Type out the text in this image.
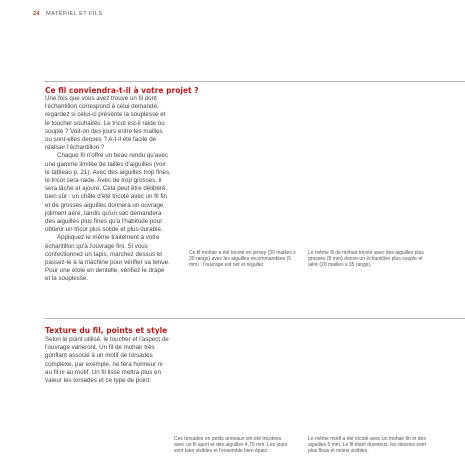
24 MATÉRIEL ET FILS
Ce fil conviendra-t-il à votre projet ?

Une fois que vous avez trouvé un fil dont l'échantillon correspond à celui demandé, regardez si celui-ci présente la souplesse et le toucher souhaités. Le tricot est-il raide ou souple ? Voit-on des jours entre les mailles ou sont-elles denses ? A-t-il été facile de réaliser l'échantillon ?

Chaque fil n'offre un beau rendu qu'avec une gamme limitée de tailles d'aiguilles (voir le tableau p. 21). Avec des aiguilles trop fines, le tricot sera raide. Avec de trop grosses, il sera lâche et ajouré. Cela peut être délibéré, bien sûr : un châle d'été tricoté avec un fil fin et de grosses aiguilles donnera un ouvrage joliment aéré, tandis qu'un sac demandera des aiguilles plus fines qu'à l'habitude pour obtenir un tricot plus solide et plus durable.

Appliquez le même traitement à votre échantillon qu'à l'ouvrage fini. Si vous confectionnez un tapis, marchez dessus et passez-le à la machine pour vérifier sa tenue. Pour une étole en dentelle, vérifiez le drapé et la souplesse.

Ce fil mohair a été tricoté en jersey (30 mailles x 20 rangs) avec les aiguilles recommandées (5 mm) : l'ouvrage est net et régulier.
Le même fil de mohair tricoté avec des aiguilles plus grosses (8 mm) donne un échantillon plus souple et aéré (20 mailles x 35 rangs).
Texture du fil, points et style

Selon le point utilisé, le toucher et l'aspect de l'ouvrage varieront. Un fil de mohair très gonflant associé à un motif de torsades complexe, par exemple, ne fera honneur ni au fil ni au motif. Un fil lisse mettra plus en valeur les torsades et ce type de point.

Ces torsades en petits anneaux ont été tricotées avec un fil sport et des aiguilles 4,75 mm. Les jours sont bien visibles et l'ensemble bien épais.
Le même motif a été tricoté avec un mohair fin et des aiguilles 5 mm. Le fil étant duveteux, les dessins sont plus flous et moins visibles.
